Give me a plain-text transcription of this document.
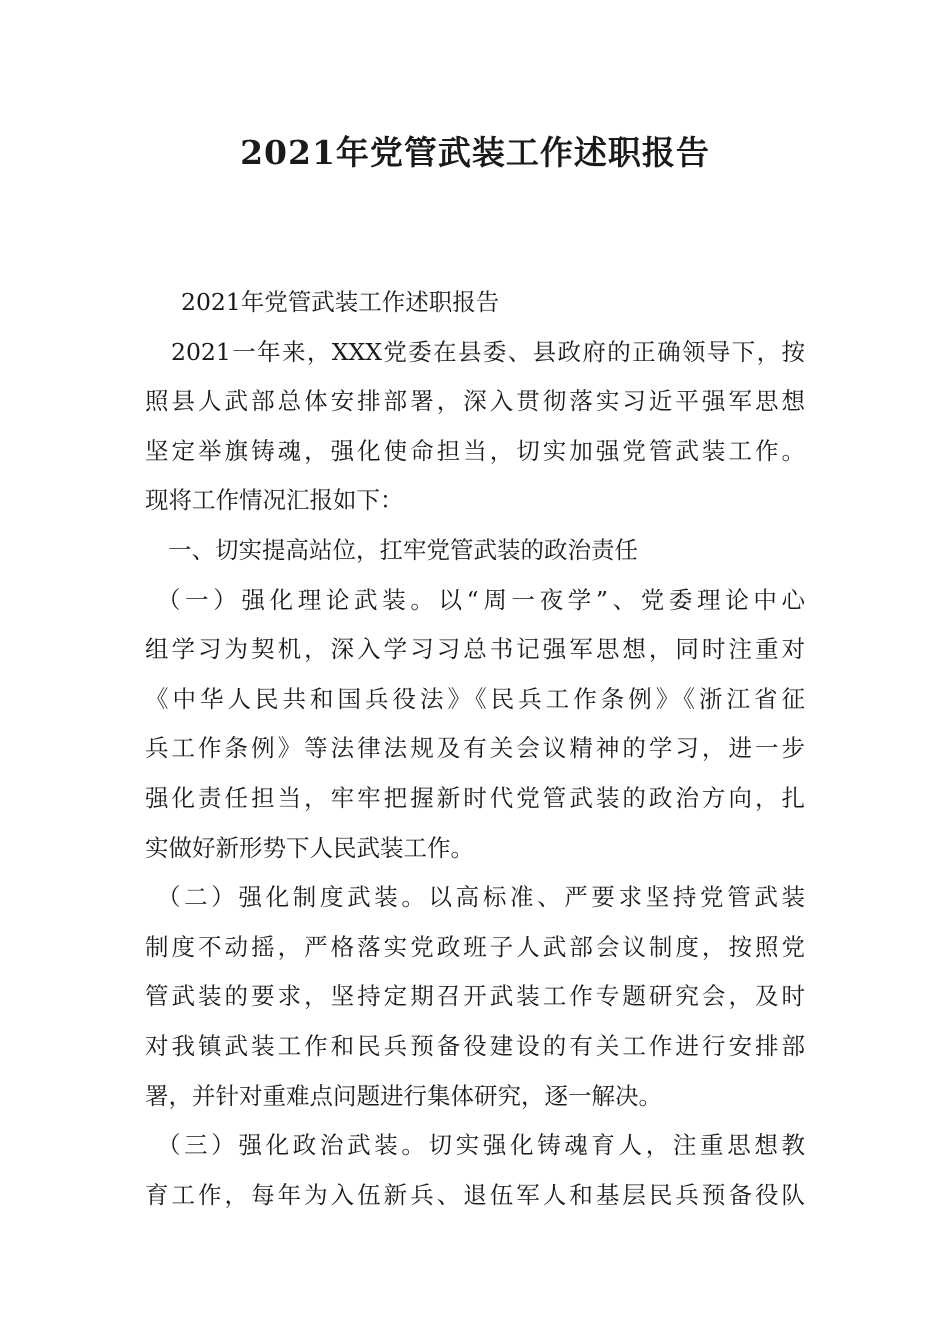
2021年党管武装工作述职报告

2021年党管武装工作述职报告

2021一年来，XXX党委在县委、县政府的正确领导下，按

照县人武部总体安排部署，深入贯彻落实习近平强军思想

坚定举旗铸魂，强化使命担当，切实加强党管武装工作。

现将工作情况汇报如下：

一、切实提高站位，扛牢党管武装的政治责任

（一）强化理论武装。以“周一夜学”、党委理论中心

组学习为契机，深入学习习总书记强军思想，同时注重对

《中华人民共和国兵役法》《民兵工作条例》《浙江省征

兵工作条例》等法律法规及有关会议精神的学习，进一步

强化责任担当，牢牢把握新时代党管武装的政治方向，扎

实做好新形势下人民武装工作。

（二）强化制度武装。以高标准、严要求坚持党管武装

制度不动摇，严格落实党政班子人武部会议制度，按照党

管武装的要求，坚持定期召开武装工作专题研究会，及时

对我镇武装工作和民兵预备役建设的有关工作进行安排部

署，并针对重难点问题进行集体研究，逐一解决。

（三）强化政治武装。切实强化铸魂育人，注重思想教

育工作，每年为入伍新兵、退伍军人和基层民兵预备役队
